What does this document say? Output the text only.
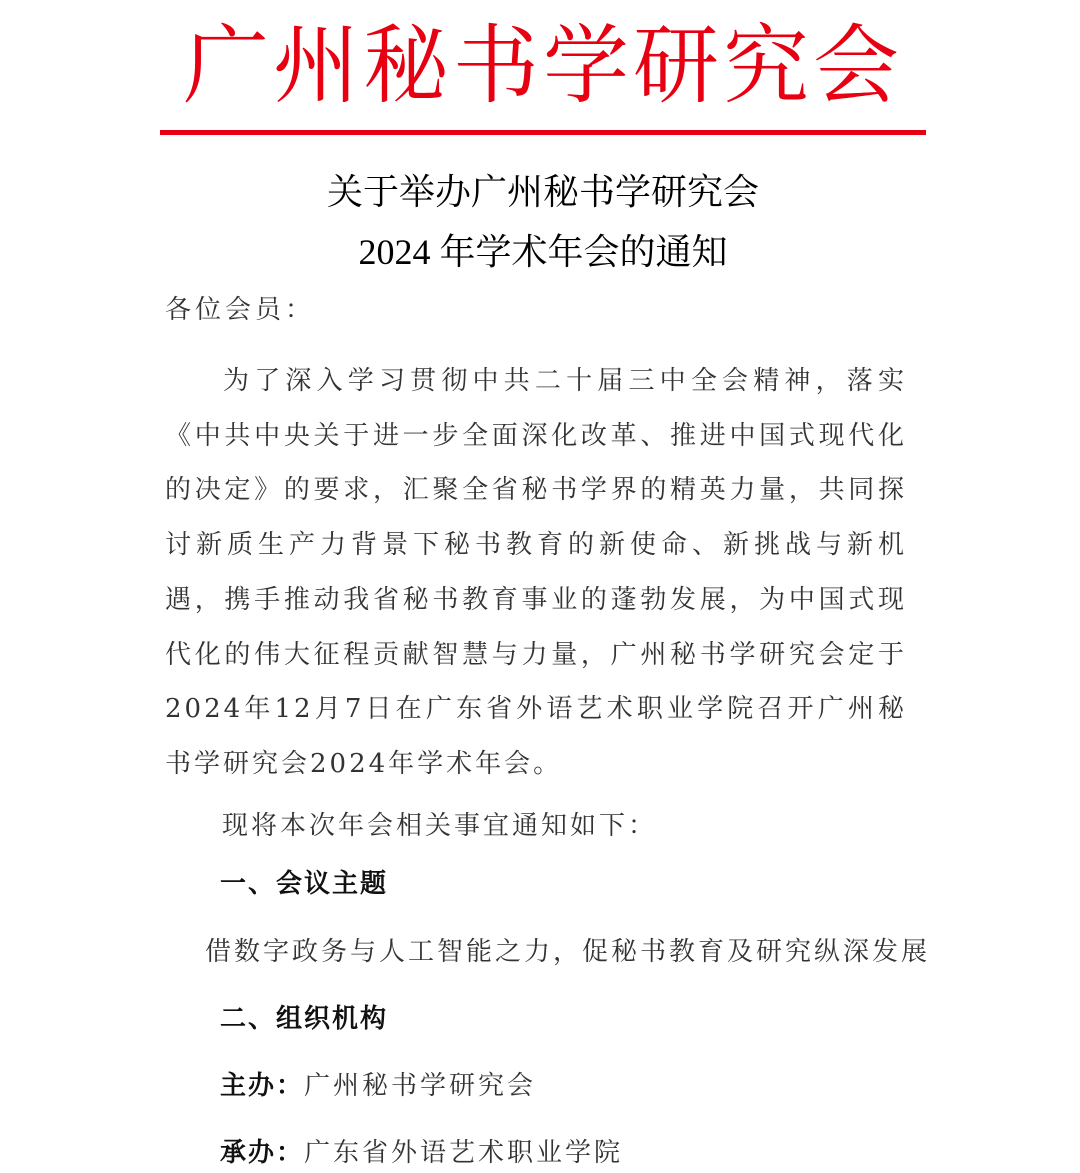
广州秘书学研究会
关于举办广州秘书学研究会
2024 年学术年会的通知
各位会员：
为了深入学习贯彻中共二十届三中全会精神，落实《中共中央关于进一步全面深化改革、推进中国式现代化的决定》的要求，汇聚全省秘书学界的精英力量，共同探讨新质生产力背景下秘书教育的新使命、新挑战与新机遇，携手推动我省秘书教育事业的蓬勃发展，为中国式现代化的伟大征程贡献智慧与力量，广州秘书学研究会定于2024年12月7日在广东省外语艺术职业学院召开广州秘书学研究会2024年学术年会。
现将本次年会相关事宜通知如下：
一、会议主题
借数字政务与人工智能之力，促秘书教育及研究纵深发展
二、组织机构
主办：广州秘书学研究会
承办：广东省外语艺术职业学院
